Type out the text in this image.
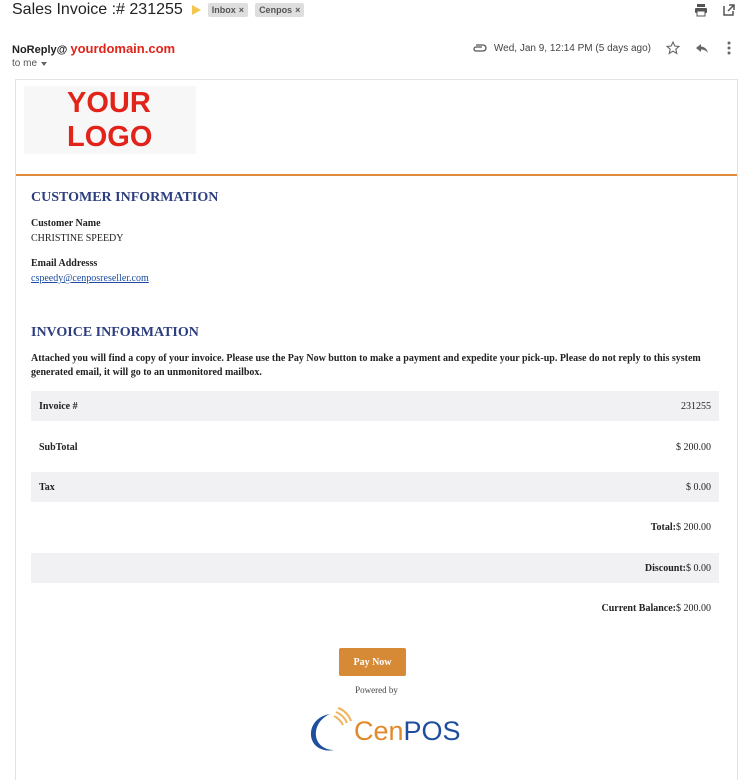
Sales Invoice :# 231255	Inbox × Cenpos ×
NoReply@ yourdomain.com
to me
Wed, Jan 9, 12:14 PM (5 days ago)
YOUR
LOGO
CUSTOMER INFORMATION
Customer Name
CHRISTINE SPEEDY
Email Addresss
cspeedy@cenposreseller.com
INVOICE INFORMATION
Attached you will find a copy of your invoice. Please use the Pay Now button to make a payment and expedite your pick-up. Please do not reply to this system generated email, it will go to an unmonitored mailbox.
Invoice #	231255
SubTotal	$ 200.00
Tax	$ 0.00
Total: $ 200.00
Discount: $ 0.00
Current Balance: $ 200.00
Pay Now
Powered by
CenPOS
